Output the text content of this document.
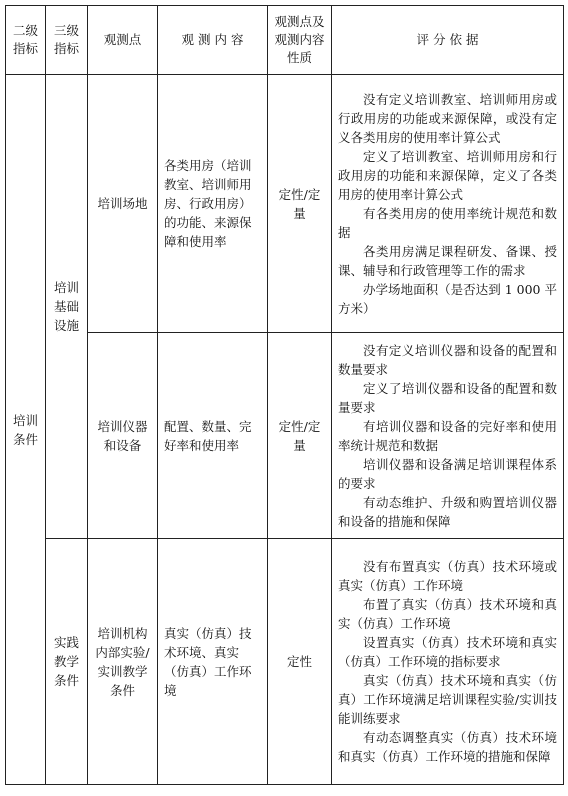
二级指标	三级指标	观测点	观 测 内 容	观测点及观测内容性质	评 分 依 据

培训条件	培训基础设施	培训场地	各类用房（培训教室、培训师用房、行政用房）的功能、来源保障和使用率	定性/定量	没有定义培训教室、培训师用房或行政用房的功能或来源保障，或没有定义各类用房的使用率计算公式

定义了培训教室、培训师用房和行政用房的功能和来源保障，定义了各类用房的使用率计算公式

有各类用房的使用率统计规范和数据

各类用房满足课程研发、备课、授课、辅导和行政管理等工作的需求

办学场地面积（是否达到 1 000 平方米）

		培训仪器和设备	配置、数量、完好率和使用率	定性/定量	没有定义培训仪器和设备的配置和数量要求

定义了培训仪器和设备的配置和数量要求

有培训仪器和设备的完好率和使用率统计规范和数据

培训仪器和设备满足培训课程体系的要求

有动态维护、升级和购置培训仪器和设备的措施和保障

	实践教学条件	培训机构内部实验/实训教学条件	真实（仿真）技术环境、真实（仿真）工作环境	定性	没有布置真实（仿真）技术环境或真实（仿真）工作环境

布置了真实（仿真）技术环境和真实（仿真）工作环境

设置真实（仿真）技术环境和真实（仿真）工作环境的指标要求

真实（仿真）技术环境和真实（仿真）工作环境满足培训课程实验/实训技能训练要求

有动态调整真实（仿真）技术环境和真实（仿真）工作环境的措施和保障
